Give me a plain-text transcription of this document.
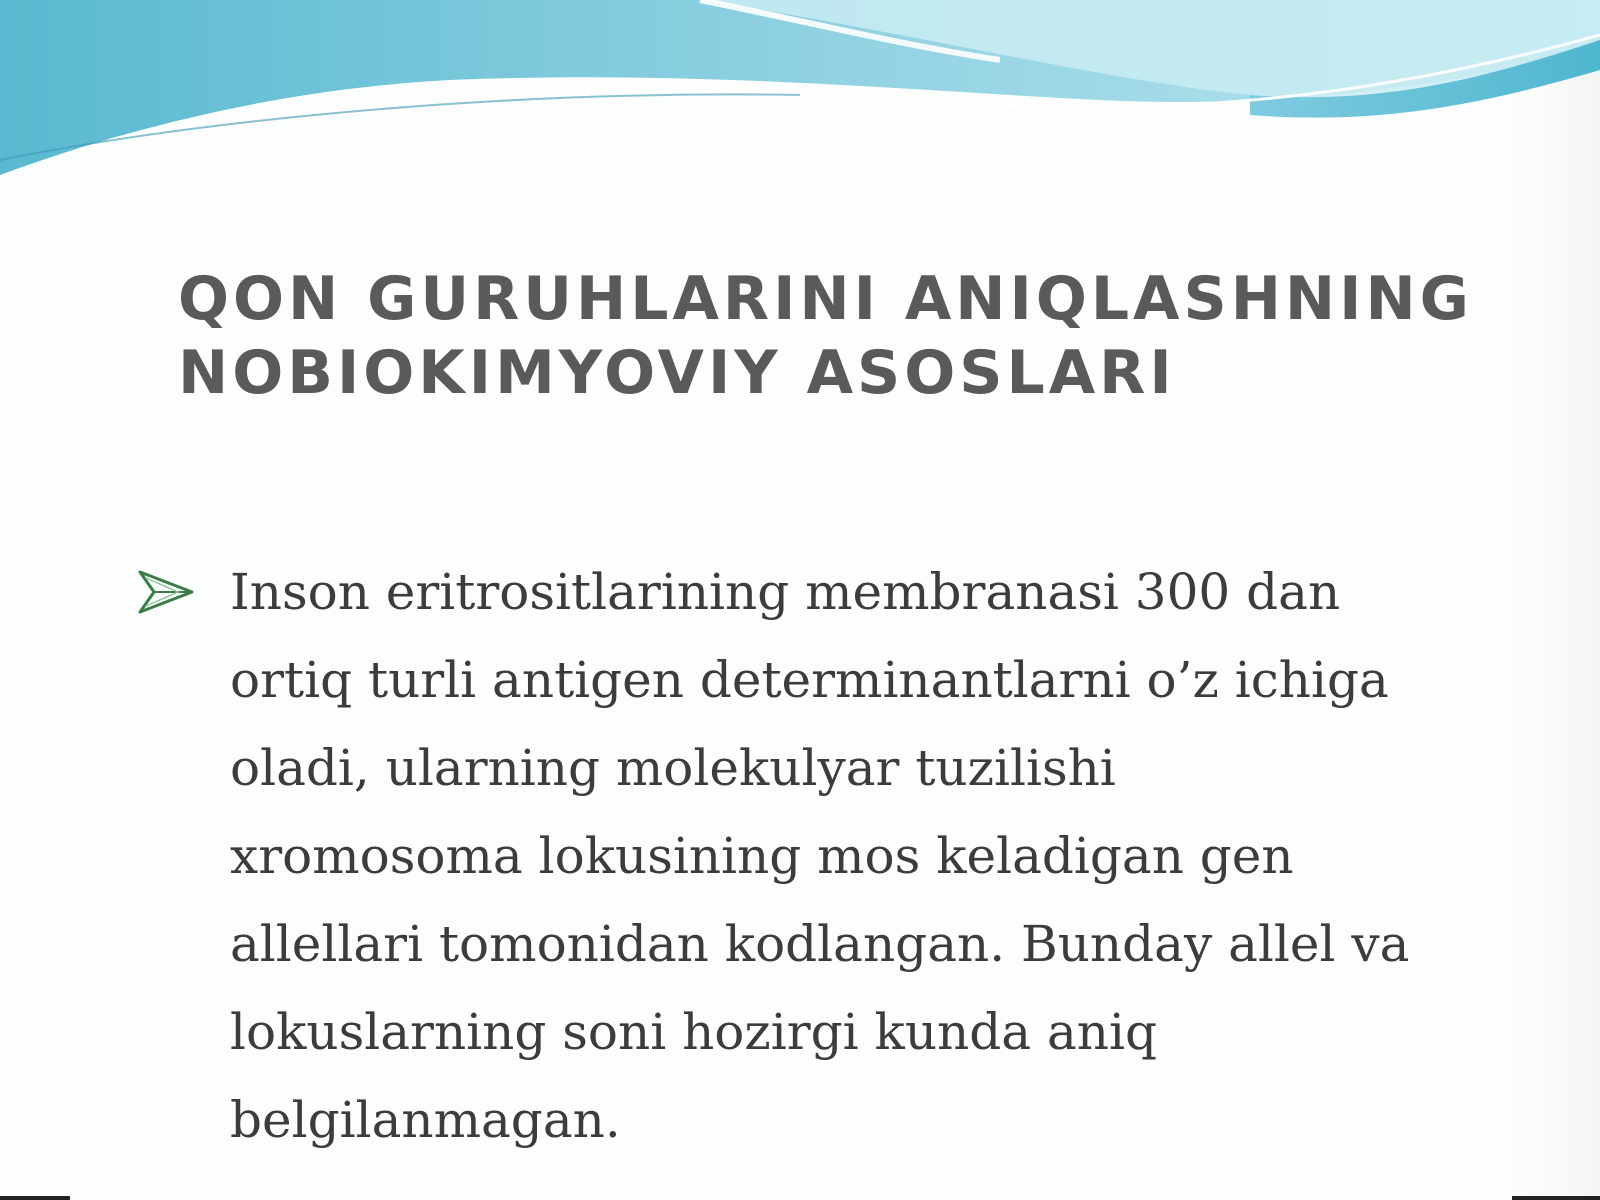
QON GURUHLARINI ANIQLASHNING NOBIOKIMYOVIY ASOSLARI

Inson eritrositlarining membranasi 300 dan ortiq turli antigen determinantlarni o’z ichiga oladi, ularning molekulyar tuzilishi xromosoma lokusining mos keladigan gen allellari tomonidan kodlangan. Bunday allel va lokuslarning soni hozirgi kunda aniq belgilanmagan.
